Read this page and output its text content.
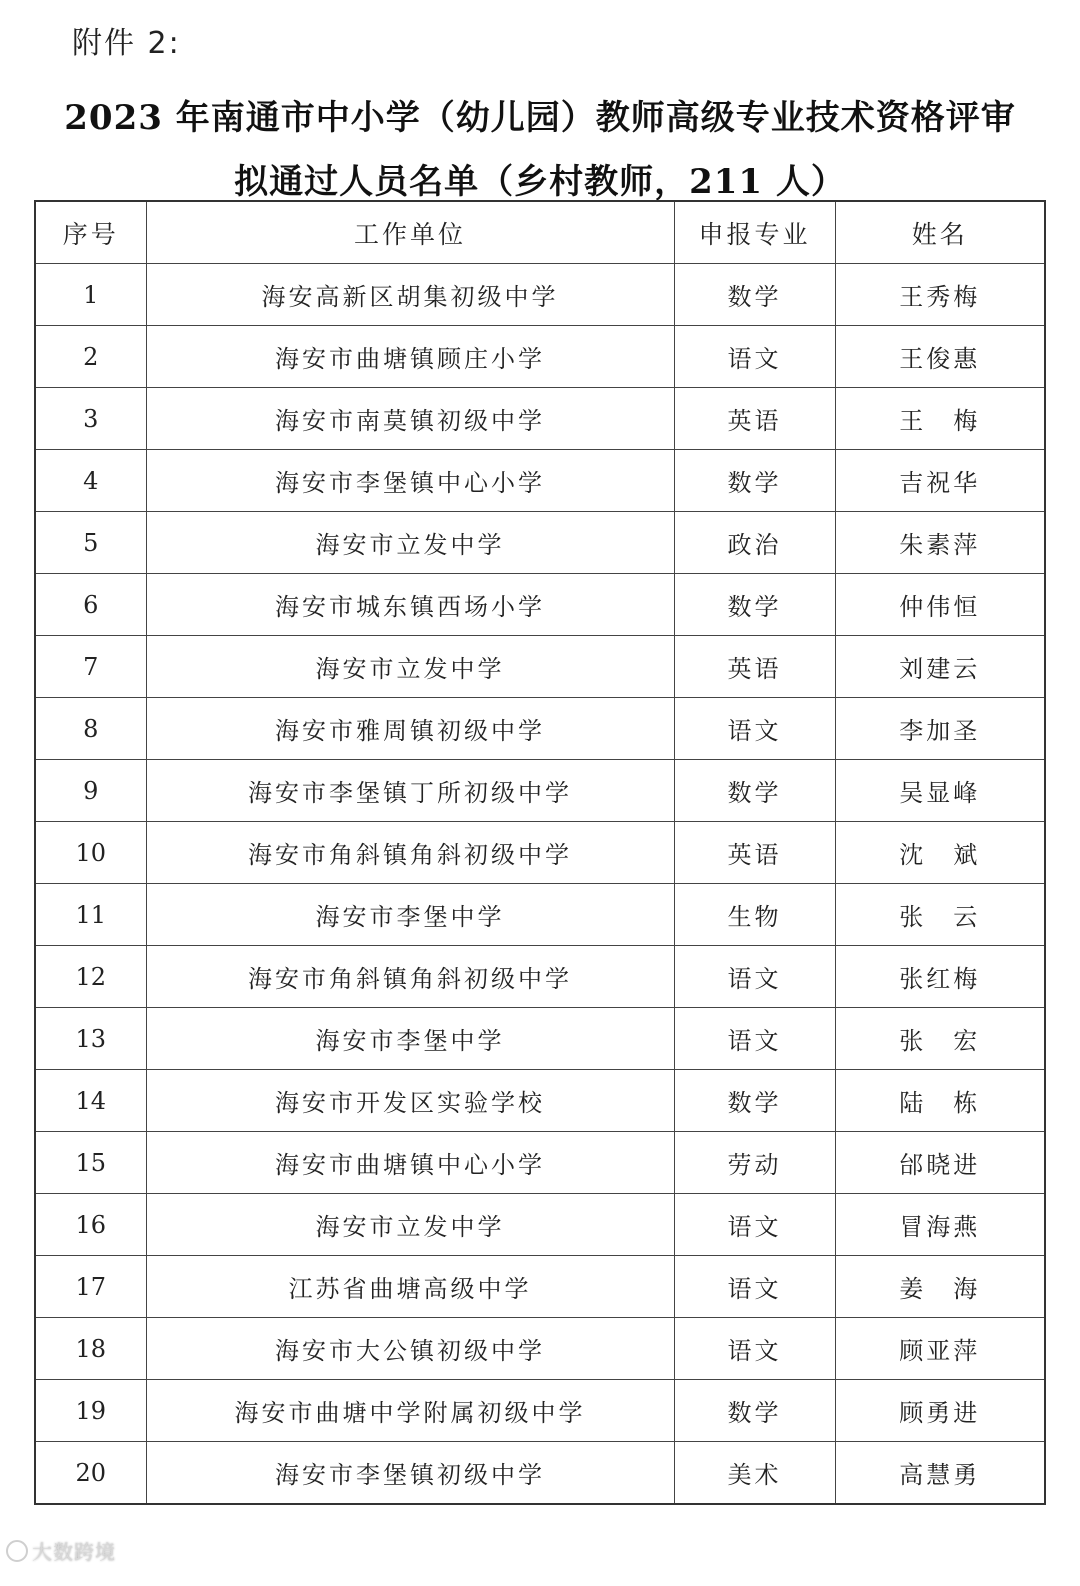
附件 2:
2023 年南通市中小学（幼儿园）教师高级专业技术资格评审
拟通过人员名单（乡村教师，211 人）
序号	工作单位	申报专业	姓名
1	海安高新区胡集初级中学	数学	王秀梅
2	海安市曲塘镇顾庄小学	语文	王俊惠
3	海安市南莫镇初级中学	英语	王　梅
4	海安市李堡镇中心小学	数学	吉祝华
5	海安市立发中学	政治	朱素萍
6	海安市城东镇西场小学	数学	仲伟恒
7	海安市立发中学	英语	刘建云
8	海安市雅周镇初级中学	语文	李加圣
9	海安市李堡镇丁所初级中学	数学	吴显峰
10	海安市角斜镇角斜初级中学	英语	沈　斌
11	海安市李堡中学	生物	张　云
12	海安市角斜镇角斜初级中学	语文	张红梅
13	海安市李堡中学	语文	张　宏
14	海安市开发区实验学校	数学	陆　栋
15	海安市曲塘镇中心小学	劳动	邰晓进
16	海安市立发中学	语文	冒海燕
17	江苏省曲塘高级中学	语文	姜　海
18	海安市大公镇初级中学	语文	顾亚萍
19	海安市曲塘中学附属初级中学	数学	顾勇进
20	海安市李堡镇初级中学	美术	高慧勇
大数跨境
